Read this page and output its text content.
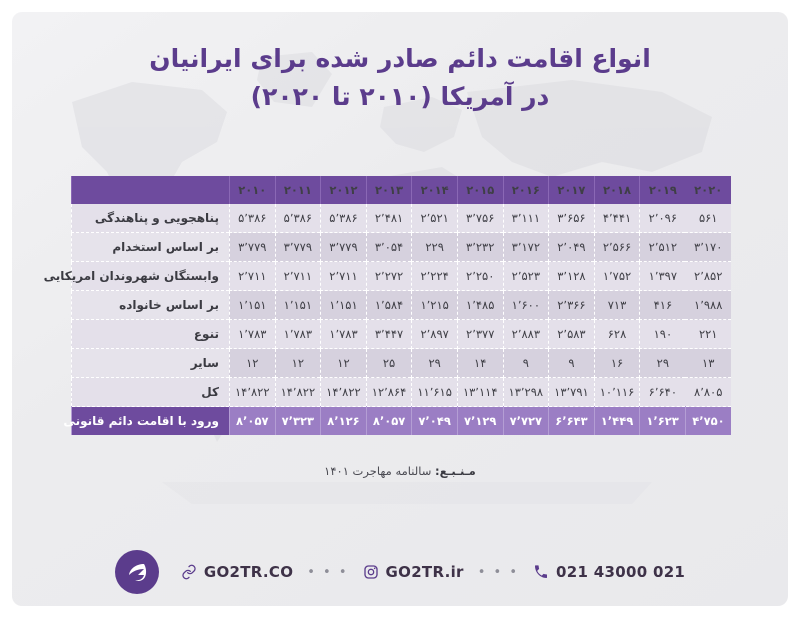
انواع اقامت دائم صادر شده برای ایرانیان
در آمریکا (۲۰۱۰ تا ۲۰۲۰)
۲۰۲۰	۲۰۱۹	۲۰۱۸	۲۰۱۷	۲۰۱۶	۲۰۱۵	۲۰۱۴	۲۰۱۳	۲۰۱۲	۲۰۱۱	۲۰۱۰	
۵۶۱	۲٬۰۹۶	۴٬۴۴۱	۳٬۶۵۶	۳٬۱۱۱	۳٬۷۵۶	۲٬۵۲۱	۲٬۴۸۱	۵٬۳۸۶	۵٬۳۸۶	۵٬۳۸۶	پناهجویی و پناهندگی
۳٬۱۷۰	۲٬۵۱۲	۲٬۵۶۶	۲٬۰۴۹	۳٬۱۷۲	۳٬۲۳۲	۲۲۹	۳٬۰۵۴	۳٬۷۷۹	۳٬۷۷۹	۳٬۷۷۹	بر اساس استخدام
۲٬۸۵۲	۱٬۳۹۷	۱٬۷۵۲	۳٬۱۲۸	۲٬۵۲۳	۲٬۲۵۰	۲٬۲۲۴	۲٬۲۷۲	۲٬۷۱۱	۲٬۷۱۱	۲٬۷۱۱	وابستگان شهروندان امریکایی
۱٬۹۸۸	۴۱۶	۷۱۳	۲٬۳۶۶	۱٬۶۰۰	۱٬۴۸۵	۱٬۲۱۵	۱٬۵۸۴	۱٬۱۵۱	۱٬۱۵۱	۱٬۱۵۱	بر اساس خانواده
۲۲۱	۱۹۰	۶۲۸	۲٬۵۸۳	۲٬۸۸۳	۲٬۳۷۷	۲٬۸۹۷	۳٬۴۴۷	۱٬۷۸۳	۱٬۷۸۳	۱٬۷۸۳	تنوع
۱۳	۲۹	۱۶	۹	۹	۱۴	۲۹	۲۵	۱۲	۱۲	۱۲	سایر
۸٬۸۰۵	۶٬۶۴۰	۱۰٬۱۱۶	۱۳٬۷۹۱	۱۳٬۲۹۸	۱۳٬۱۱۴	۱۱٬۶۱۵	۱۲٬۸۶۴	۱۴٬۸۲۲	۱۴٬۸۲۲	۱۴٬۸۲۲	کل
۴٬۷۵۰	۱٬۶۲۳	۱٬۴۴۹	۶٬۶۴۳	۷٬۷۲۷	۷٬۱۲۹	۷٬۰۴۹	۸٬۰۵۷	۸٬۱۲۶	۷٬۳۲۳	۸٬۰۵۷	ورود با اقامت دائم قانونی
مـنـبـع: سالنامه مهاجرت ۱۴۰۱
GO2TR.CO • • • GO2TR.ir • • • 021 43000 021
